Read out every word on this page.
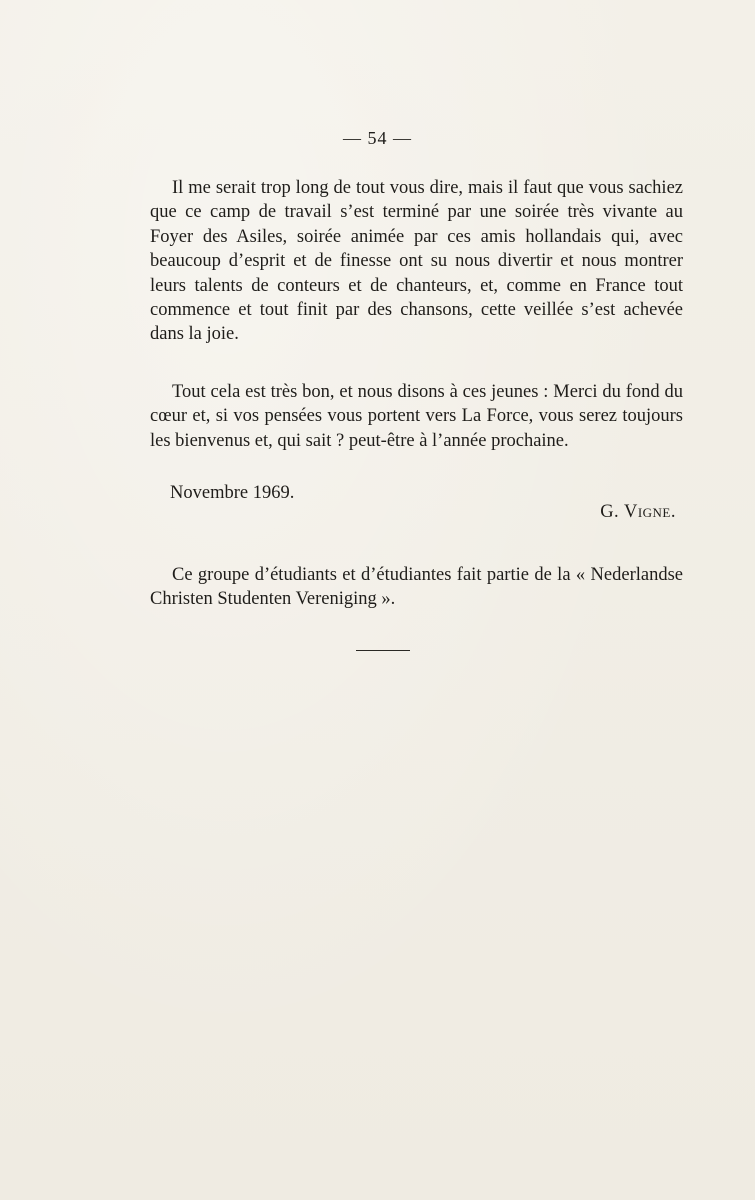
— 54 —

Il me serait trop long de tout vous dire, mais il faut que vous sachiez que ce camp de travail s’est terminé par une soirée très vivante au Foyer des Asiles, soirée animée par ces amis hollandais qui, avec beaucoup d’esprit et de finesse ont su nous divertir et nous montrer leurs talents de conteurs et de chanteurs, et, comme en France tout commence et tout finit par des chansons, cette veillée s’est achevée dans la joie.

Tout cela est très bon, et nous disons à ces jeunes : Merci du fond du cœur et, si vos pensées vous portent vers La Force, vous serez toujours les bienvenus et, qui sait ? peut-être à l’année prochaine.

Novembre 1969.
G. Vigne.

Ce groupe d’étudiants et d’étudiantes fait partie de la « Nederlandse Christen Studenten Vereniging ».
